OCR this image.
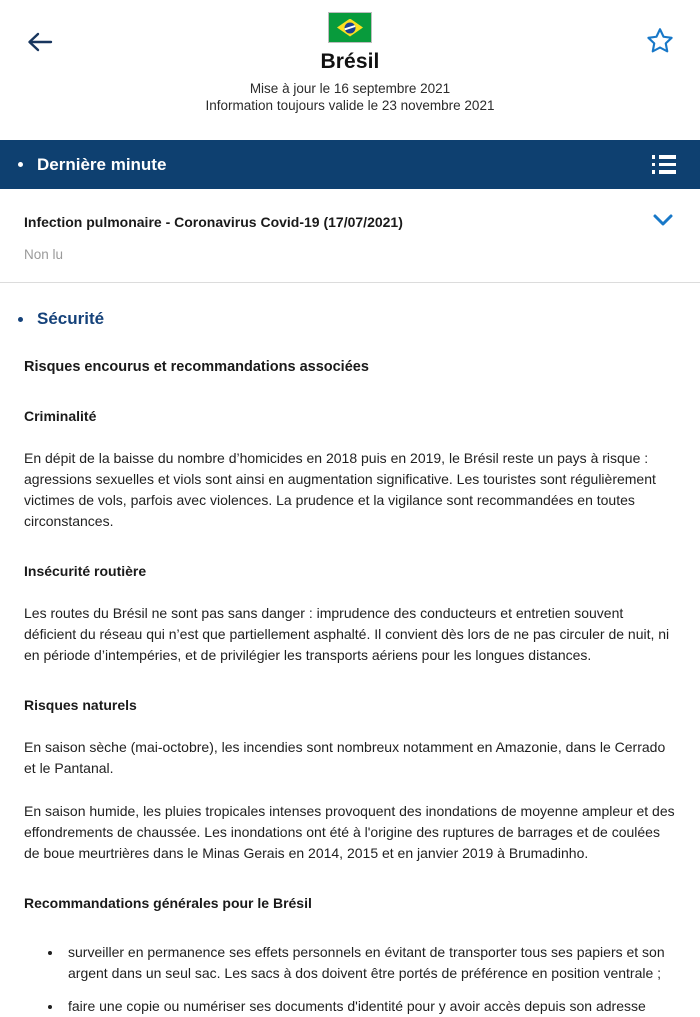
Brésil
Mise à jour le 16 septembre 2021
Information toujours valide le 23 novembre 2021
Dernière minute
Infection pulmonaire - Coronavirus Covid-19 (17/07/2021)
Non lu
Sécurité
Risques encourus et recommandations associées
Criminalité

En dépit de la baisse du nombre d’homicides en 2018 puis en 2019, le Brésil reste un pays à risque : agressions sexuelles et viols sont ainsi en augmentation significative. Les touristes sont régulièrement victimes de vols, parfois avec violences. La prudence et la vigilance sont recommandées en toutes circonstances.

Insécurité routière

Les routes du Brésil ne sont pas sans danger : imprudence des conducteurs et entretien souvent déficient du réseau qui n’est que partiellement asphalté. Il convient dès lors de ne pas circuler de nuit, ni en période d’intempéries, et de privilégier les transports aériens pour les longues distances.

Risques naturels

En saison sèche (mai-octobre), les incendies sont nombreux notamment en Amazonie, dans le Cerrado et le Pantanal.

En saison humide, les pluies tropicales intenses provoquent des inondations de moyenne ampleur et des effondrements de chaussée. Les inondations ont été à l'origine des ruptures de barrages et de coulées de boue meurtrières dans le Minas Gerais en 2014, 2015 et en janvier 2019 à Brumadinho.

Recommandations générales pour le Brésil
surveiller en permanence ses effets personnels en évitant de transporter tous ses papiers et son argent dans un seul sac. Les sacs à dos doivent être portés de préférence en position ventrale ;
faire une copie ou numériser ses documents d'identité pour y avoir accès depuis son adresse
